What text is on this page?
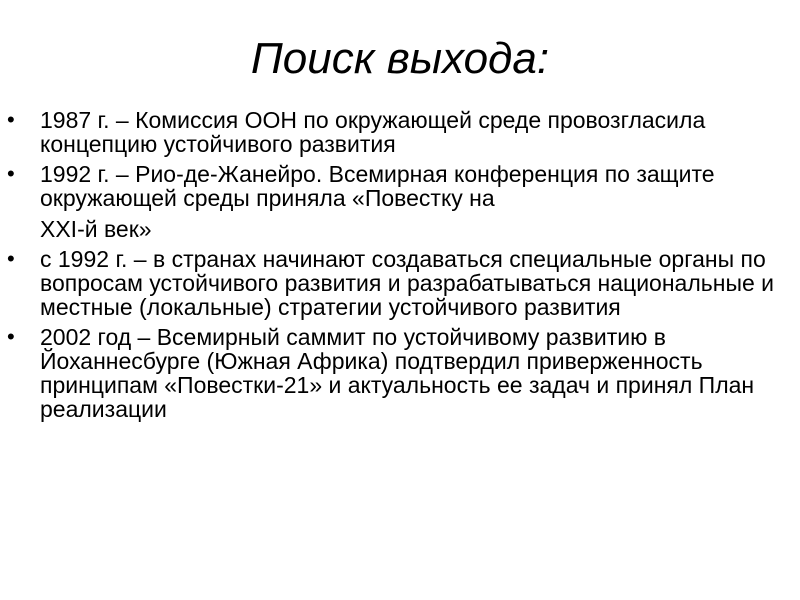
Поиск выхода:
• 1987 г. – Комиссия ООН по окружающей среде провозгласила концепцию устойчивого развития
• 1992 г. – Рио-де-Жанейро. Всемирная конференция по защите окружающей среды приняла «Повестку на
XXI-й век»
• с 1992 г. – в странах начинают создаваться специальные органы по вопросам устойчивого развития и разрабатываться национальные и местные (локальные) стратегии устойчивого развития
• 2002 год – Всемирный саммит по устойчивому развитию в Йоханнесбурге (Южная Африка) подтвердил приверженность принципам «Повестки-21» и актуальность ее задач и принял План реализации
